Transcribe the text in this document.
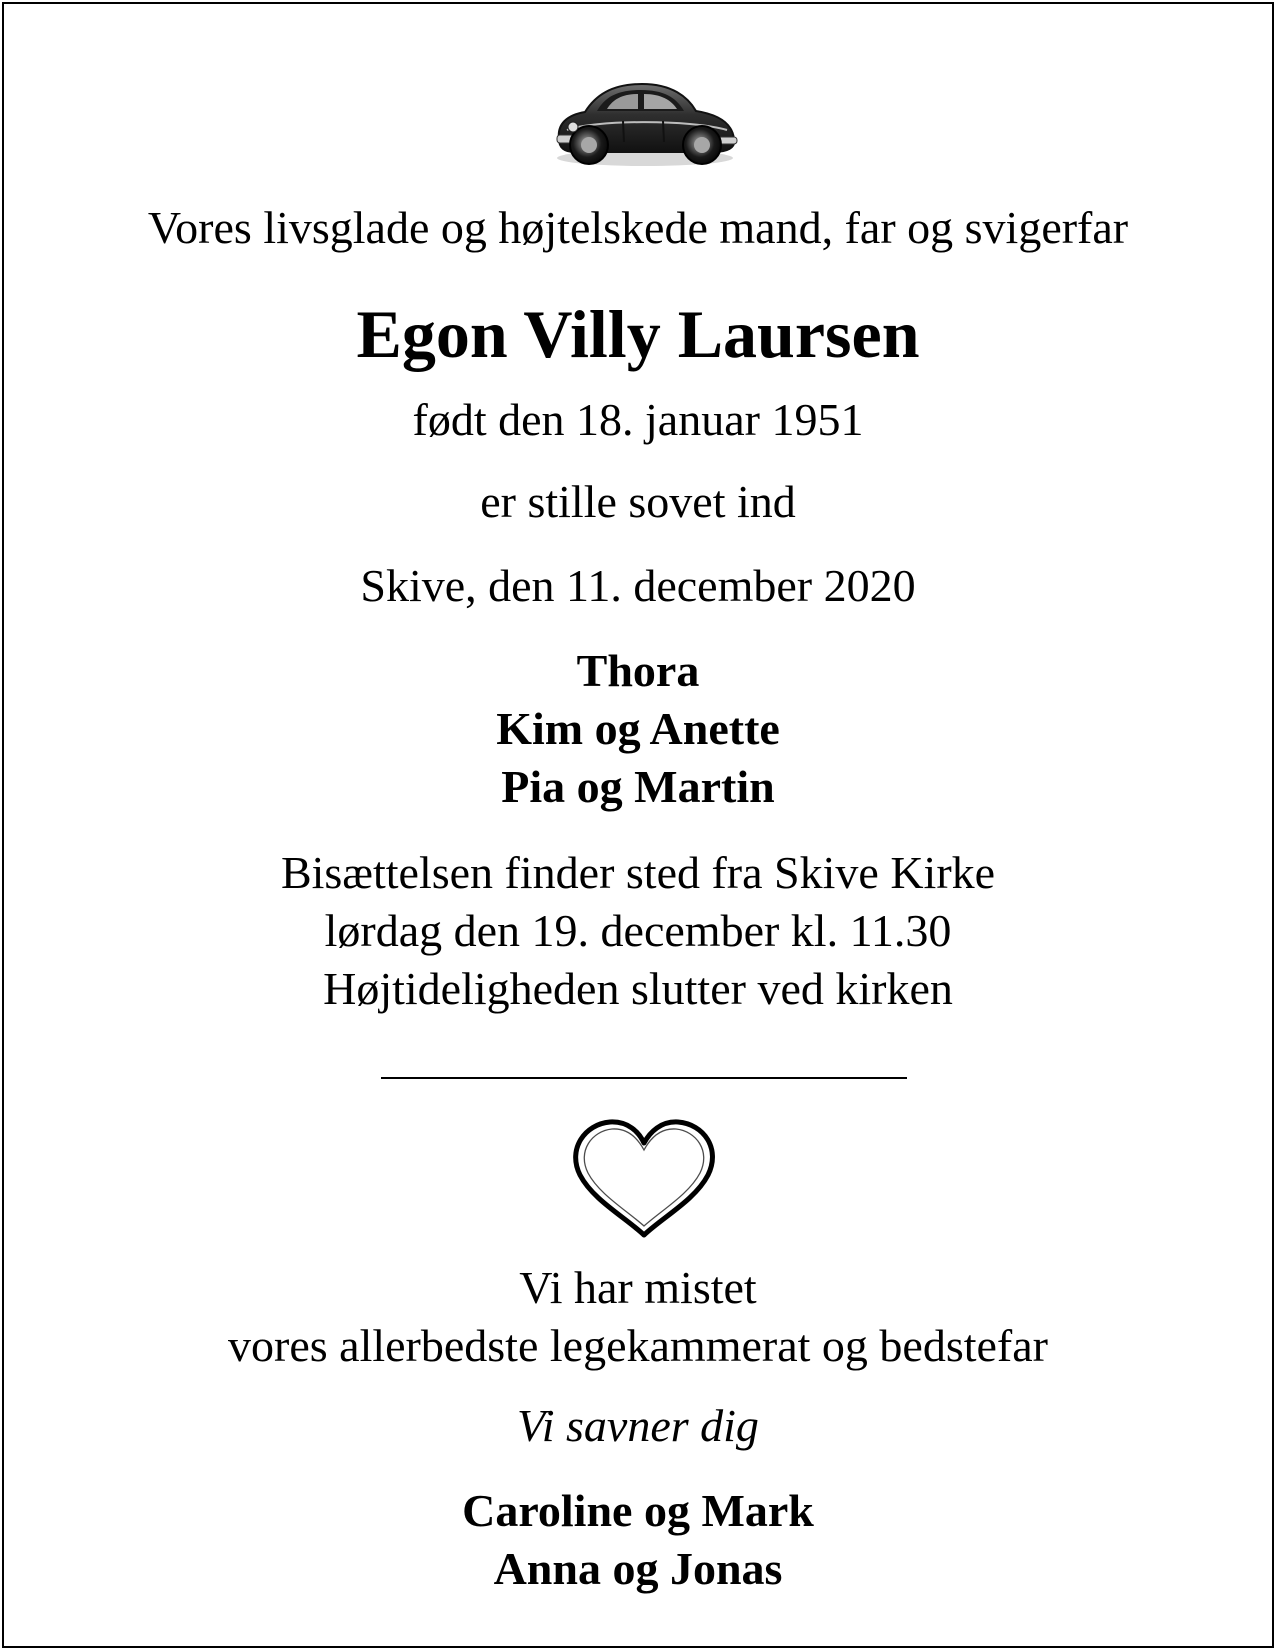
Vores livsglade og højtelskede mand, far og svigerfar
Egon Villy Laursen
født den 18. januar 1951
er stille sovet ind
Skive, den 11. december 2020
Thora
Kim og Anette
Pia og Martin
Bisættelsen finder sted fra Skive Kirke
lørdag den 19. december kl. 11.30
Højtideligheden slutter ved kirken
Vi har mistet
vores allerbedste legekammerat og bedstefar
Vi savner dig
Caroline og Mark
Anna og Jonas
